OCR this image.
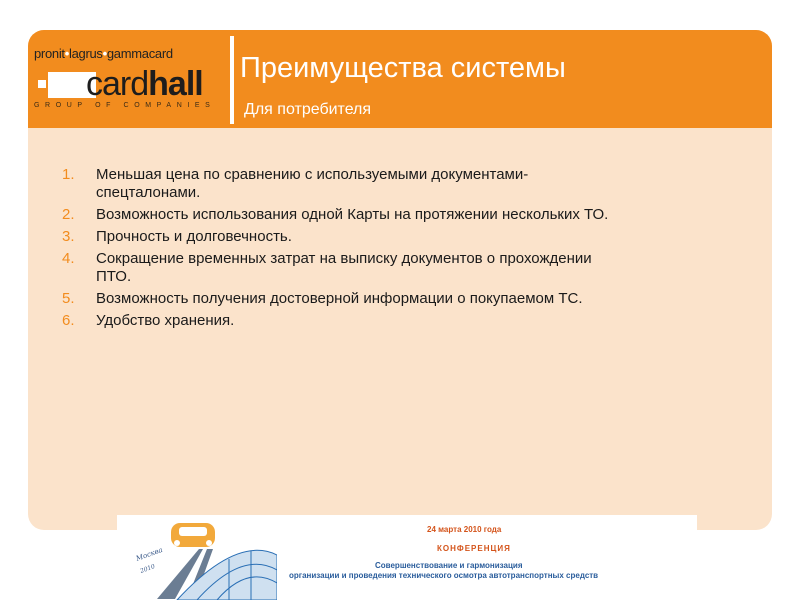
pronit•lagrus•gammacard
cardhall
GROUP OF COMPANIES
Преимущества системы
Для потребителя
1.	Меньшая цена по сравнению с используемыми документами-спецталонами.
2.	Возможность использования одной Карты на протяжении нескольких ТО.
3.	Прочность и долговечность.
4.	Сокращение временных затрат на выписку документов о прохождении ПТО.
5.	Возможность получения достоверной информации о покупаемом ТС.
6.	Удобство хранения.
Москва
2010
24 марта 2010 года
КОНФЕРЕНЦИЯ
Совершенствование и гармонизация
организации и проведения технического осмотра автотранспортных средств
